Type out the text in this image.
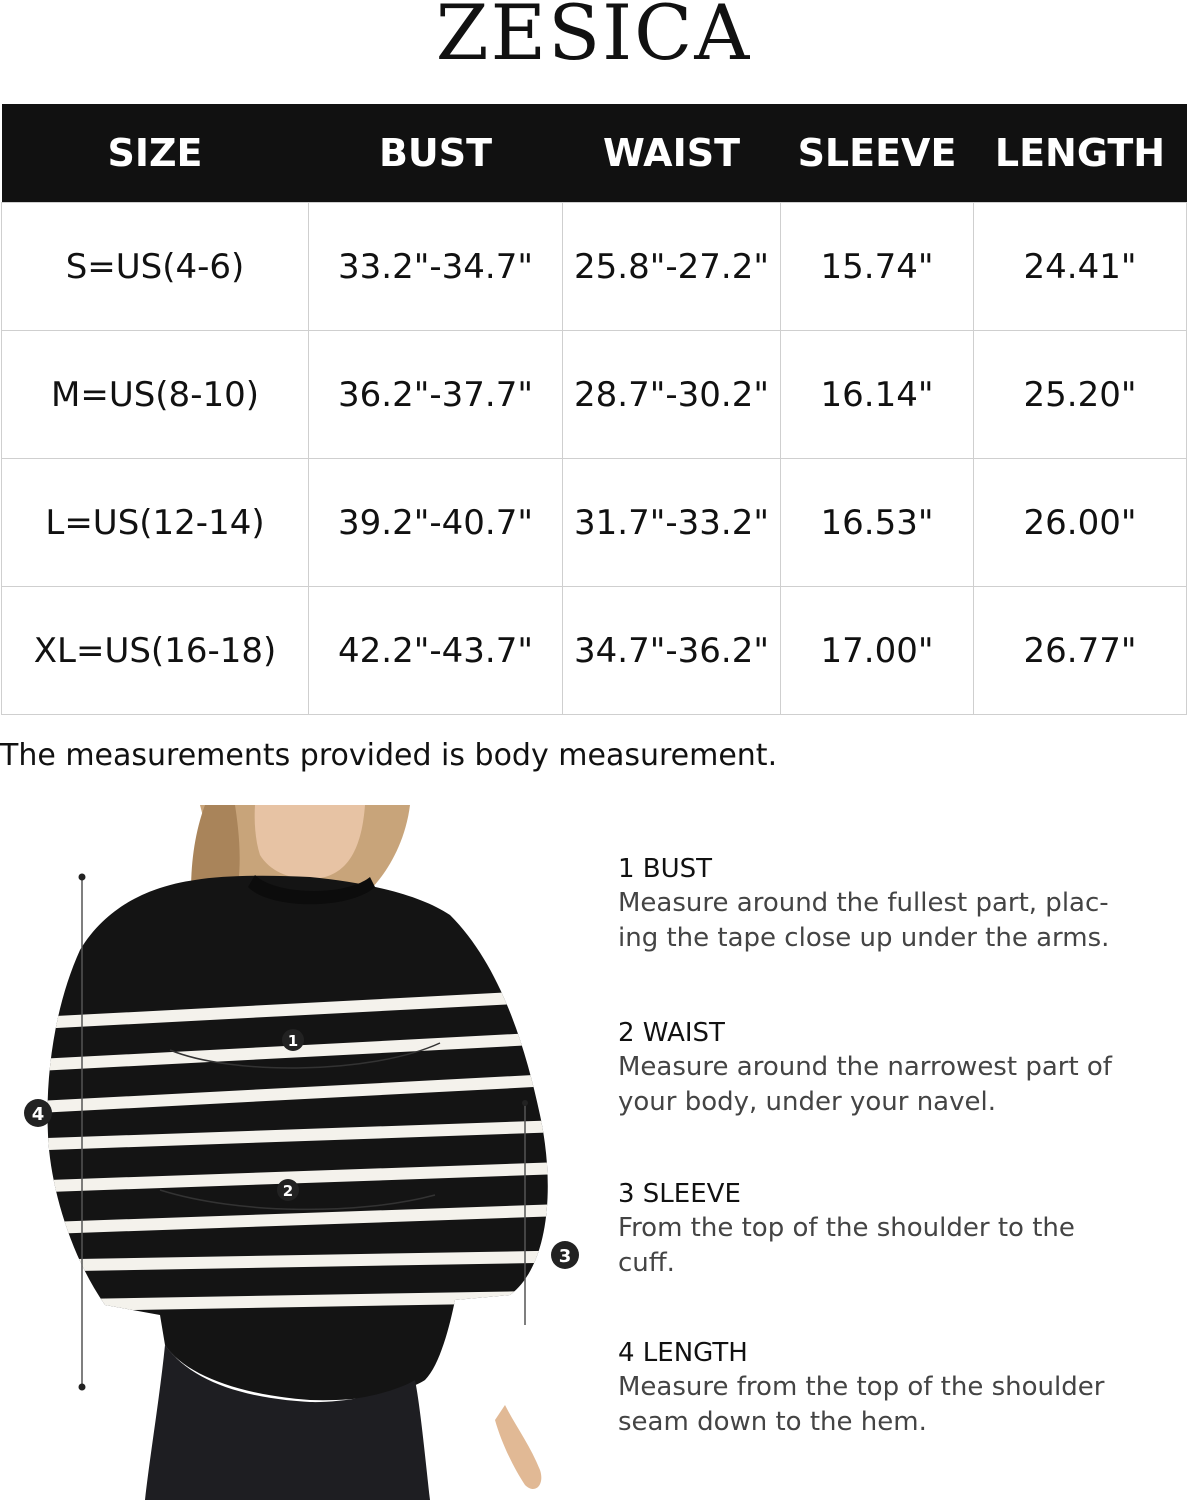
ZESICA
SIZE	BUST	WAIST	SLEEVE	LENGTH
S=US(4-6)	33.2"-34.7"	25.8"-27.2"	15.74"	24.41"
M=US(8-10)	36.2"-37.7"	28.7"-30.2"	16.14"	25.20"
L=US(12-14)	39.2"-40.7"	31.7"-33.2"	16.53"	26.00"
XL=US(16-18)	42.2"-43.7"	34.7"-36.2"	17.00"	26.77"
The measurements provided is body measurement.
1
2
3
4
1 BUST
Measure around the fullest part, plac-
ing the tape close up under the arms.
2 WAIST
Measure around the narrowest part of
your body, under your navel.
3 SLEEVE
From the top of the shoulder to the
cuff.
4 LENGTH
Measure from the top of the shoulder
seam down to the hem.
